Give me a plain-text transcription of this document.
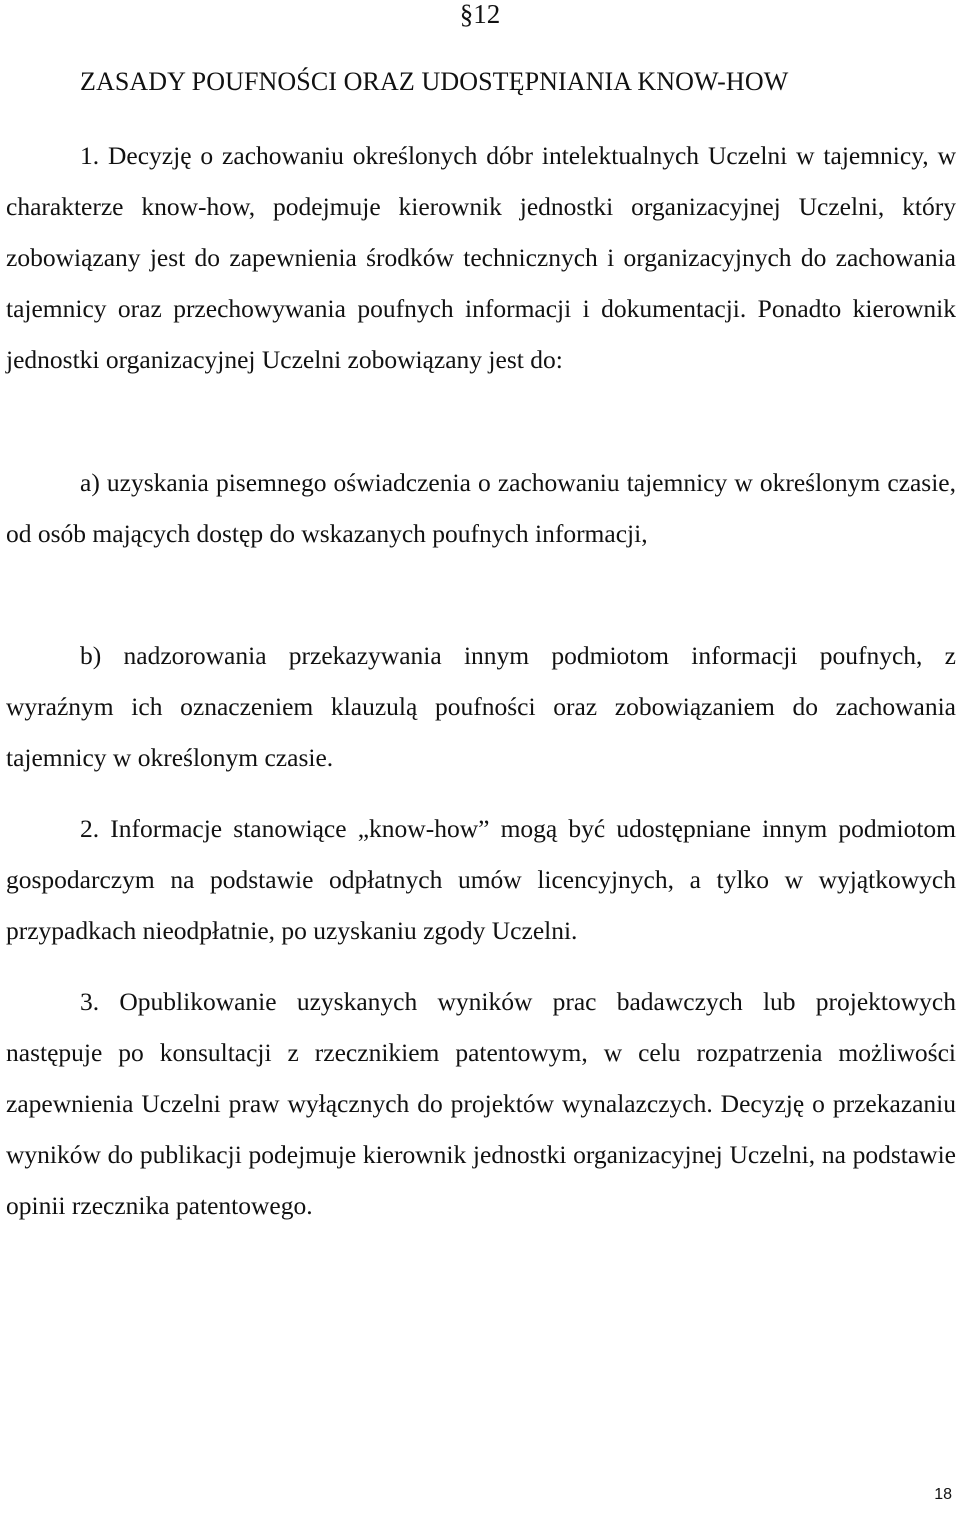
§12
ZASADY POUFNOŚCI ORAZ UDOSTĘPNIANIA KNOW-HOW

1. Decyzję o zachowaniu określonych dóbr intelektualnych Uczelni w tajemnicy, w charakterze know-how, podejmuje kierownik jednostki organizacyjnej Uczelni, który zobowiązany jest do zapewnienia środków technicznych i organizacyjnych do zachowania tajemnicy oraz przechowywania poufnych informacji i dokumentacji. Ponadto kierownik jednostki organizacyjnej Uczelni zobowiązany jest do:

a) uzyskania pisemnego oświadczenia o zachowaniu tajemnicy w określonym czasie, od osób mających dostęp do wskazanych poufnych informacji,

b) nadzorowania przekazywania innym podmiotom informacji poufnych, z wyraźnym ich oznaczeniem klauzulą poufności oraz zobowiązaniem do zachowania tajemnicy w określonym czasie.

2. Informacje stanowiące „know-how” mogą być udostępniane innym podmiotom gospodarczym na podstawie odpłatnych umów licencyjnych, a tylko w wyjątkowych przypadkach nieodpłatnie, po uzyskaniu zgody Uczelni.

3. Opublikowanie uzyskanych wyników prac badawczych lub projektowych następuje po konsultacji z rzecznikiem patentowym, w celu rozpatrzenia możliwości zapewnienia Uczelni praw wyłącznych do projektów wynalazczych. Decyzję o przekazaniu wyników do publikacji podejmuje kierownik jednostki organizacyjnej Uczelni, na podstawie opinii rzecznika patentowego.

18
